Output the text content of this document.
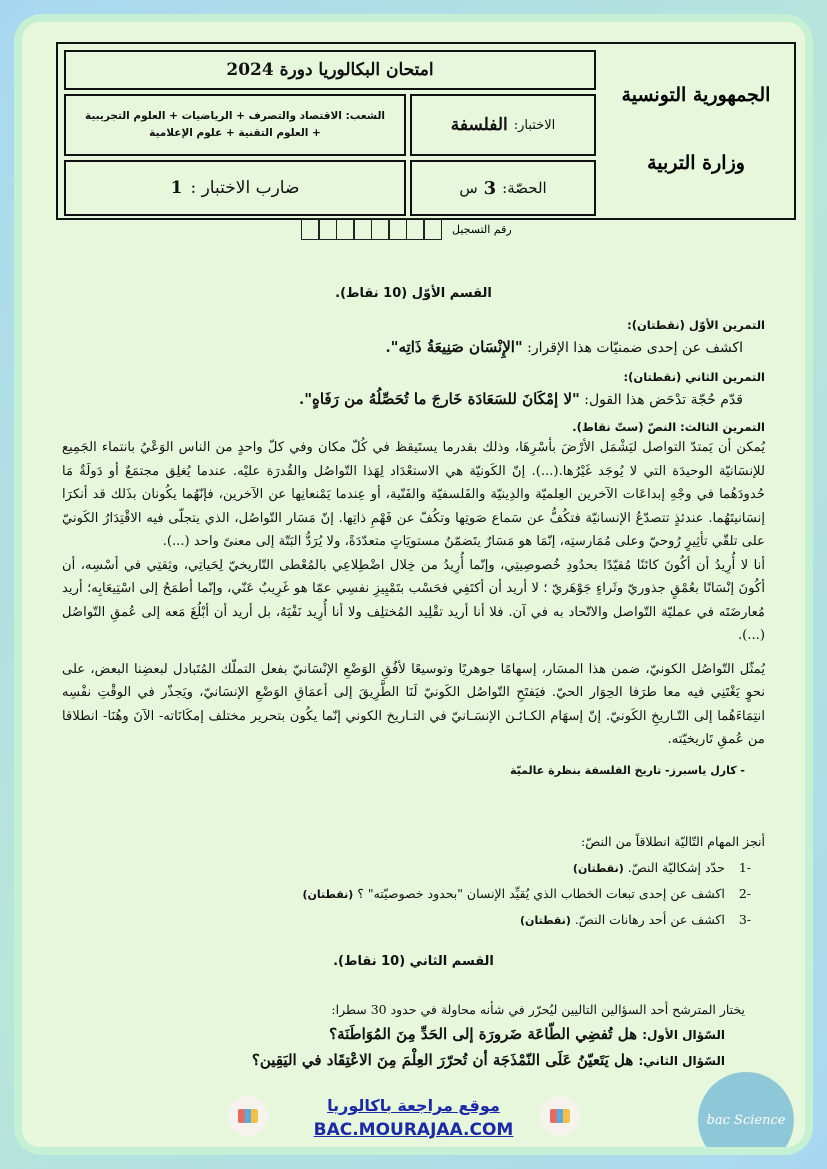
الجمهورية التونسية
وزارة التربية
امتحان البكالوريا دورة 2024
الشعب: الاقتصاد والتصرف + الرياضيات + العلوم التجريبية
+ العلوم التقنية + علوم الإعلامية
الاختبار:
الفلسفة
ضارب الاختبار :
1	الحصّة:
3
س
رقم التسجيل
القسم الأوّل (10 نقاط).
التمرين الأوّل (نقطتان):
اكشف عن إحدى ضمنيّات هذا الإقرار: "الإِنْسَان صَنِيعَةُ ذَاتِه".
التمرين الثاني (نقطتان):
قدّم حُجّة تدْحَض هذا القول: "لا إمْكَانَ للسَعَادَة خَارجَ ما تُحَصِّلُهُ من رَفَاهٍ".
التمرين الثالث: النصّ (ستّ نقاط).
يُمكن أن يَمتدّ التواصل ليَشْمَل الأرْضَ بأسْرِهَا، وذلك بقدرما يستَيقظ في كُلّ مكان وفي كلّ واحدٍ من الناس الوَعْيُ بانتماء الجَمِيع للإنسَانيّة الوحيدَة التي لا يُوجَد غَيْرُها.(...). إنّ الكَونيّة هي الاستعْدَاد لِهَذا التّواصُل والقُدرَة عليْه. عندما يُغلِق مجتمَعٌ أو دَولَةٌ مَا حُدودَهُما في وجْهِ إبداعَات الآخرين العِلميّة والدِينيّة والفَلسفيّة والفَنّية، أو عِندما يَمْنعانِها عن الآخرين، فإنّهُما يكُونان بذَلك قد أنكرَا إنسَانيتَهُما. عندئذٍ تتصدّعُ الإنسانيّة فتكُفُّ عن سَماع صَوتِها وتكُفّ عن فَهْمِ ذاتِها. إنّ مَسَار التّواصُل، الذي يتجلّى فيه الاقْتِدَارُ الكَونيّ على تلقّي تأثِيرٍ رُوحيّ وعلى مُمَارستِه، إنّمَا هو مَسَارٌ يتَضمّنُ مستويَاتٍ متعدّدَةً، ولا يُرَدُّ البَتّة إلى معنىً واحد (...).
أنا لا أُرِيدُ أن أكُونَ كائنًا مُقيّدًا بحدُودِ خُصوصِيتِي، وإنّما أُرِيدُ من خِلال اضْطِلاعِي بالمُعْطى التّاريخيّ لِحَياتِي، وثِقتِي في أسْسِه، أن أكُونَ إنْسَانًا بعُمْقٍ جذوريّ وثَراءٍ جَوْهَريّ ؛ لا أريد أن أكتَفِي فحَسْب بتَمْيِيزِ نفسِي عمّا هو غَرِيبٌ عَنّي، وإنّما أطمَحُ إلى اسْتِيعَابِه؛ أريد مُعارضَتَه في عمليّة التّواصل والاتّحاد به في آن. فلا أنا أريد تقْلِيد المُختلِف ولا أنا أُرِيد نَفْيَهُ، بل أريد أن أبْلُغَ مَعه إلى عُمقِ التّواصُل (...).
يُمثّل التّواصُل الكونيّ، ضمن هذا المسَار، إسهامًا جوهريًا وتوسيعًا لأفُقِ الوَضْعِ الإنْسَانيّ بفعل التملّك المُتَبادل لبعضِنا البعض، على نحوٍ يَغْتَنِي فيه معا طرَفا الحِوَار الحيّ. فيَفتَحِ التّواصُل الكَونيّ لَنَا الطَّرِيقَ إلى أعمَاقِ الوَضْعِ الإنسَانيّ، ويَجذّر في الوقْتِ نفْسِه انتِمَاءَهُما إلى التّـاريخِ الكَونيّ. إنّ إسهَام الكـائـن الإنسَـانيّ في التـاريخ الكوني إنّما يكُون بتحرير مختلف إمكَانَاته- الآنَ وهُنَا- انطلاقا من عُمقِ تَاريخيّته.
- كارل ياسبرز- تاريخ الفلسفة بنظرة عالميّة
أنجز المهام التّاليّة انطلاقاً من النصّ:
-1
حدّد إشكاليّة النصّ. (نقطتان)
-2
اكشف عن إحدى تبعات الخطاب الذي يُقيِّد الإنسان "بحدود خصوصيّته" ؟ (نقطتان)
-3
اكشف عن أحد رهانات النصّ. (نقطتان)
القسم الثاني (10 نقاط).
يختار المترشح أحد السؤالين التاليين ليُحرّر في شأنه محاولة في حدود 30 سطرا:
السّؤال الأول: هل تُفضِي الطّاعَة ضَرورَة إلى الحَدِّ مِنَ المُوَاطَنَة؟
السّؤال الثاني: هل يَتَعيّنُ عَلَى النّمْذَجَة أن تُحرّرَ العِلْمَ مِنَ الاعْتِقَاد في اليَقِين؟
موقع مراجعة باكالوريا
BAC.MOURAJAA.COM	bac Science
